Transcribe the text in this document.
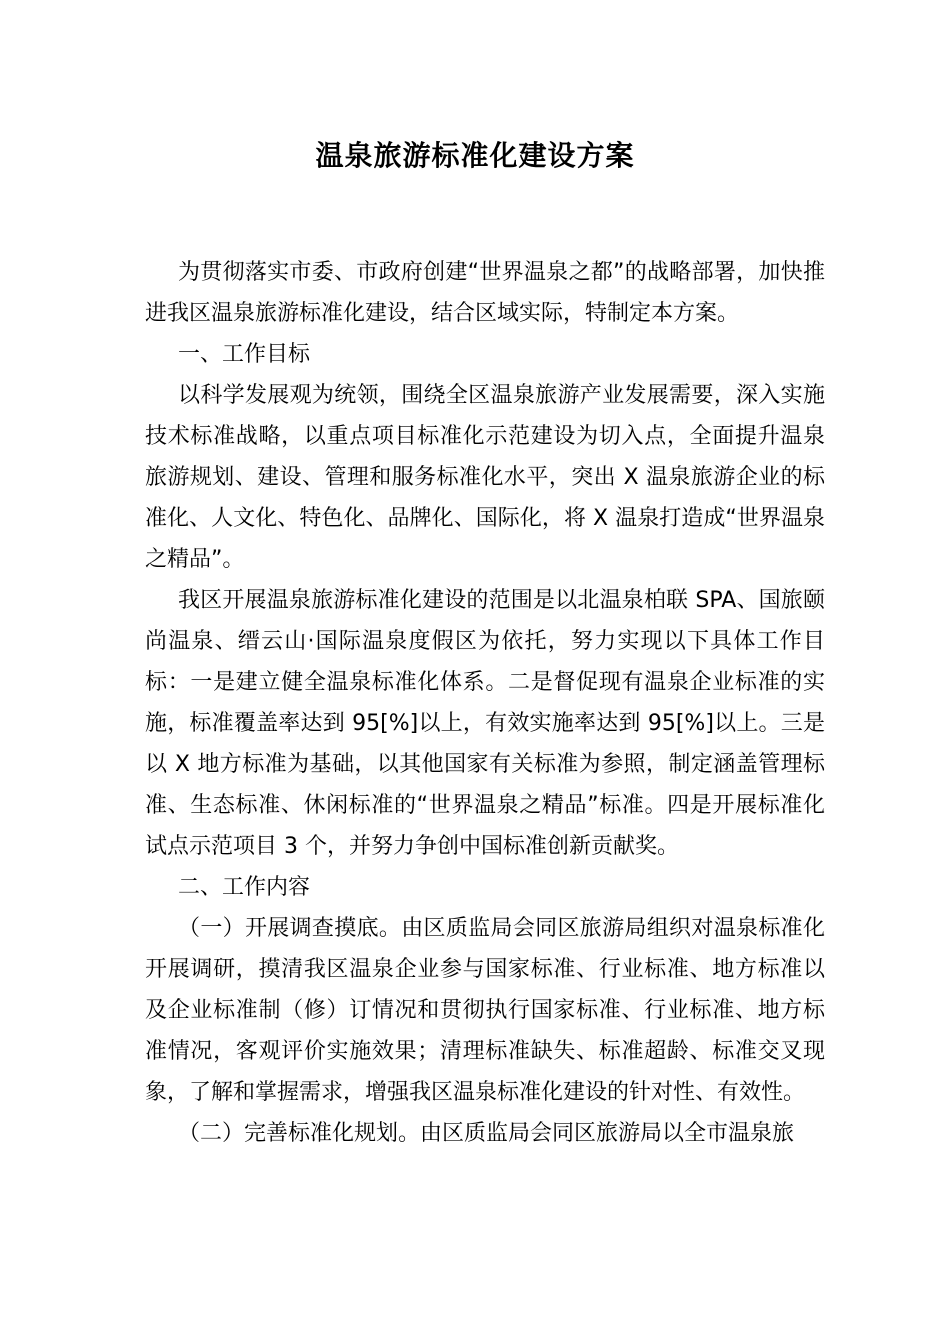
温泉旅游标准化建设方案

为贯彻落实市委、市政府创建“世界温泉之都”的战略部署，加快推进我区温泉旅游标准化建设，结合区域实际，特制定本方案。

一、工作目标

以科学发展观为统领，围绕全区温泉旅游产业发展需要，深入实施技术标准战略，以重点项目标准化示范建设为切入点，全面提升温泉旅游规划、建设、管理和服务标准化水平，突出 X 温泉旅游企业的标准化、人文化、特色化、品牌化、国际化，将 X 温泉打造成“世界温泉之精品”。

我区开展温泉旅游标准化建设的范围是以北温泉柏联 SPA、国旅颐尚温泉、缙云山·国际温泉度假区为依托，努力实现以下具体工作目标：一是建立健全温泉标准化体系。二是督促现有温泉企业标准的实施，标准覆盖率达到 95[%]以上，有效实施率达到 95[%]以上。三是以 X 地方标准为基础，以其他国家有关标准为参照，制定涵盖管理标准、生态标准、休闲标准的“世界温泉之精品”标准。四是开展标准化试点示范项目 3 个，并努力争创中国标准创新贡献奖。

二、工作内容

（一）开展调查摸底。由区质监局会同区旅游局组织对温泉标准化开展调研，摸清我区温泉企业参与国家标准、行业标准、地方标准以及企业标准制（修）订情况和贯彻执行国家标准、行业标准、地方标准情况，客观评价实施效果；清理标准缺失、标准超龄、标准交叉现象，了解和掌握需求，增强我区温泉标准化建设的针对性、有效性。

（二）完善标准化规划。由区质监局会同区旅游局以全市温泉旅
